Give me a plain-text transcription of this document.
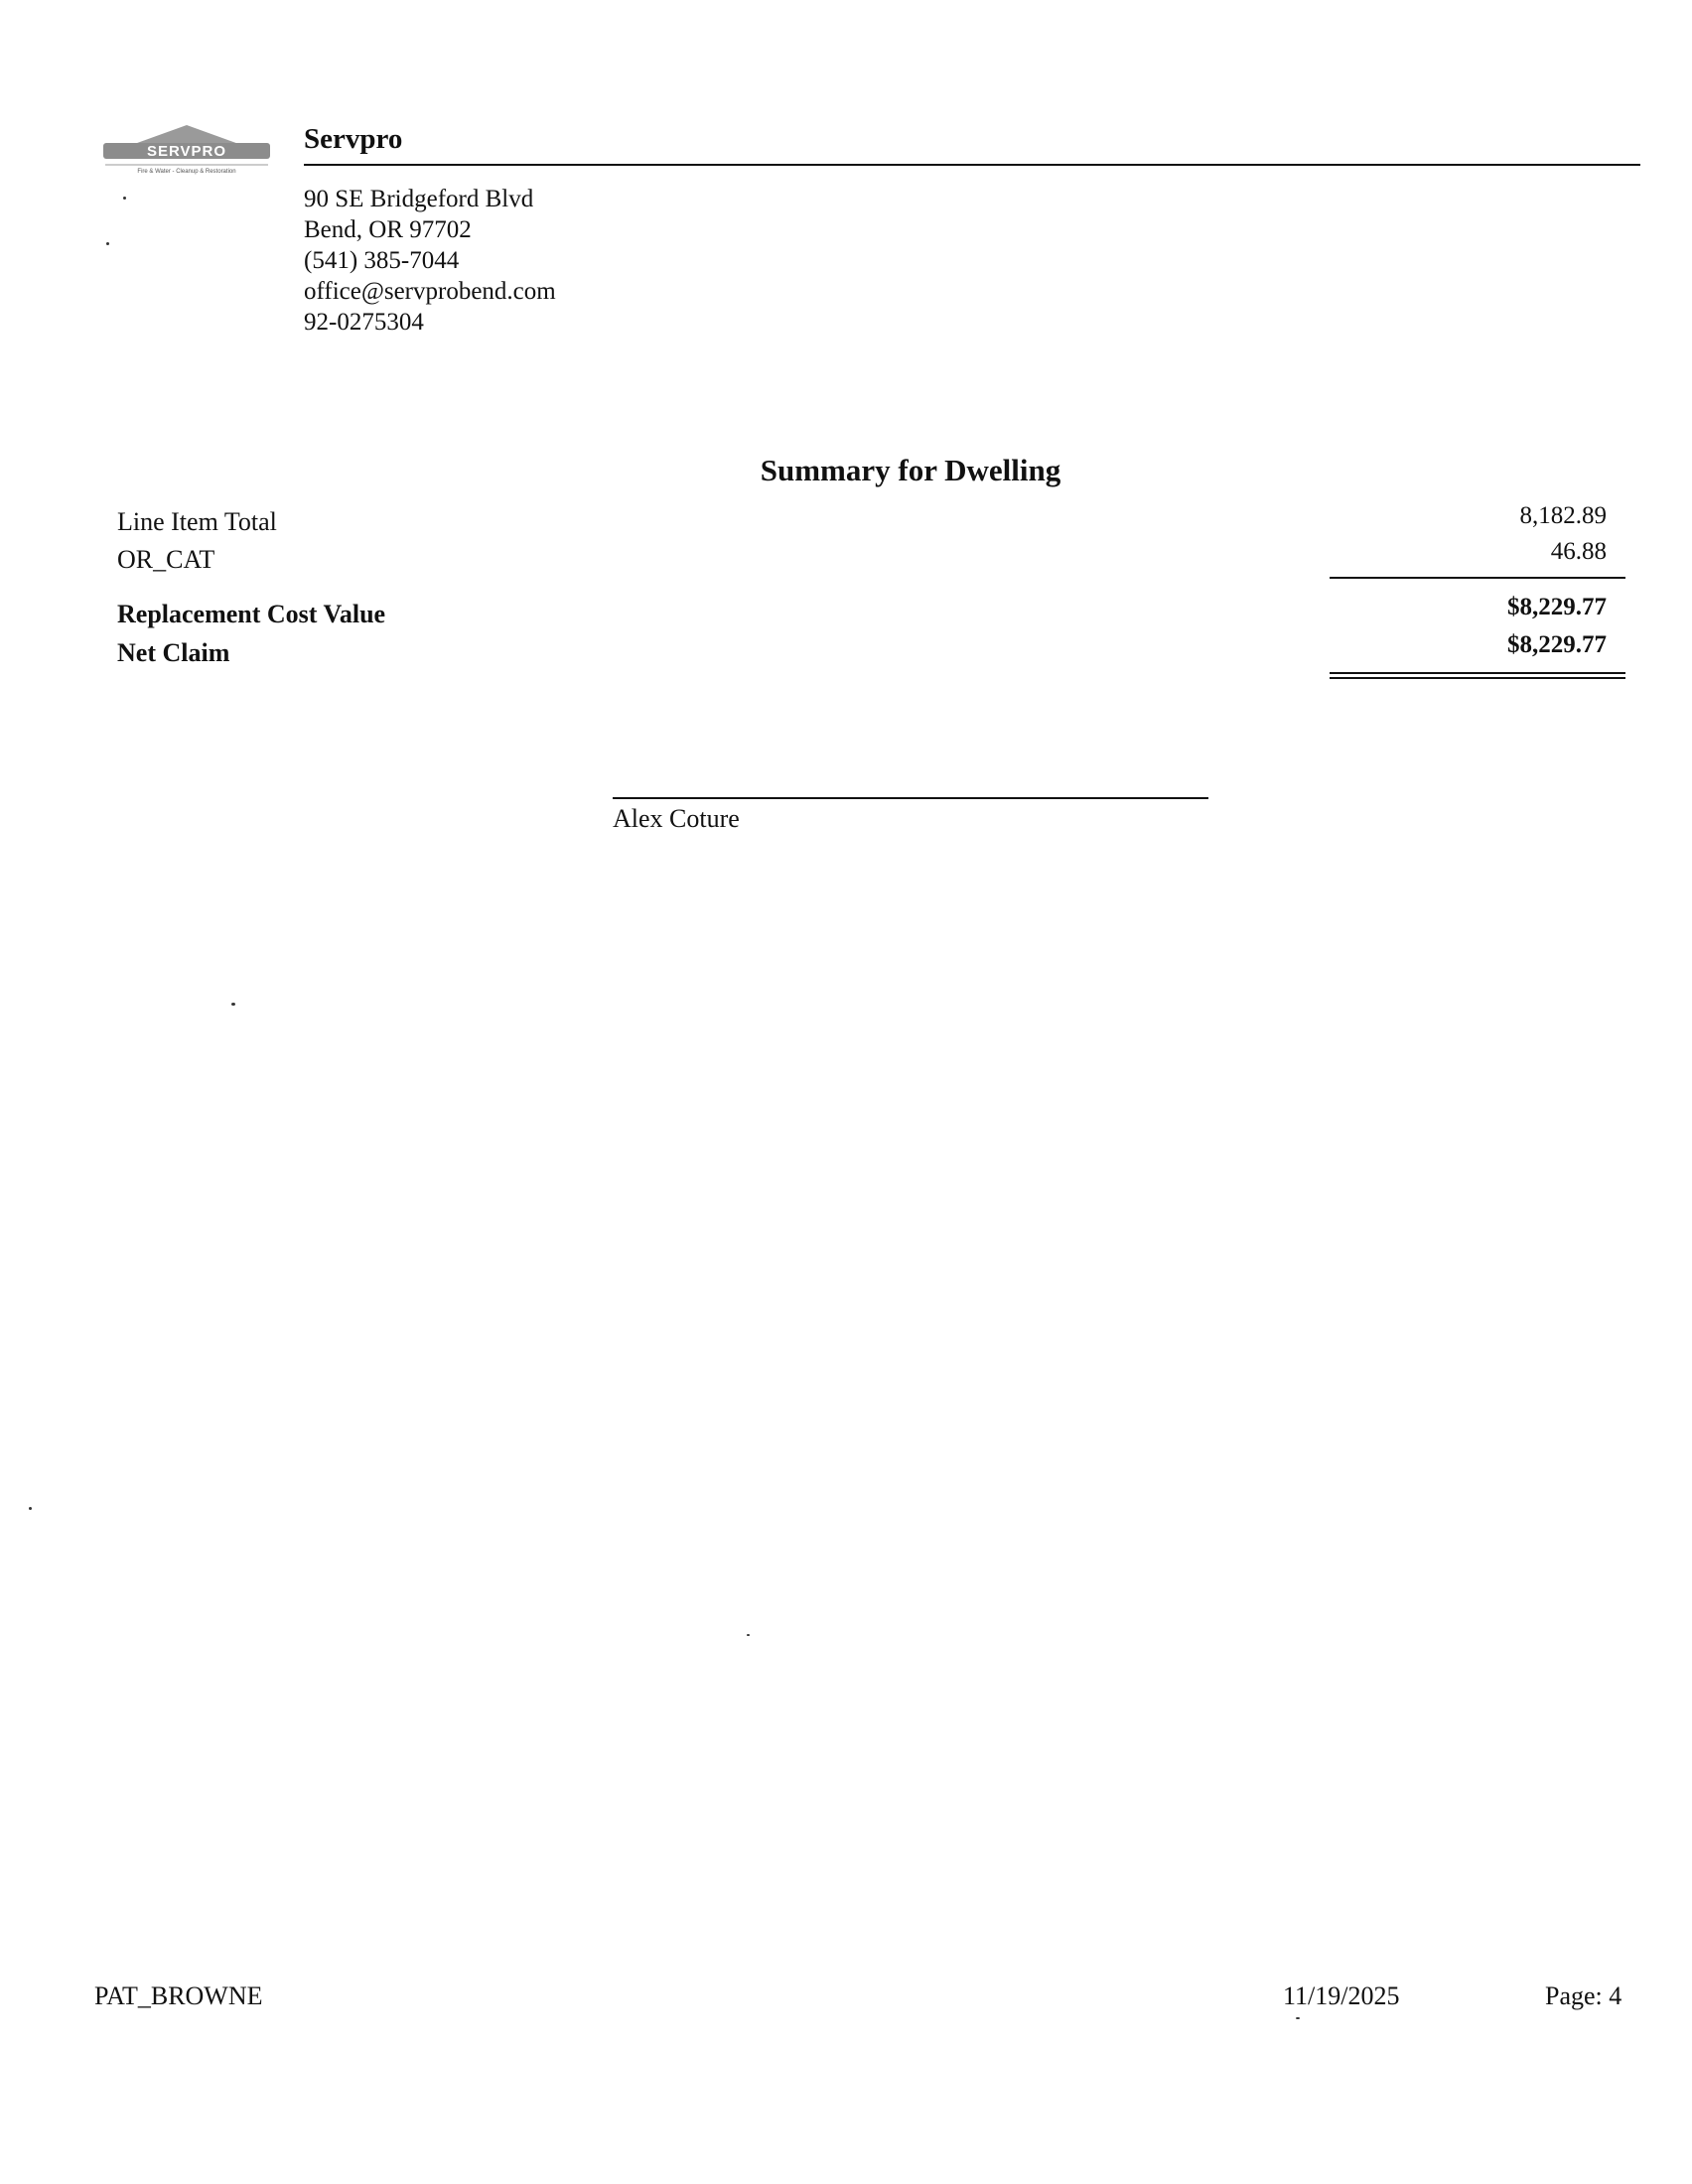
SERVPRO
Fire & Water - Cleanup & Restoration
Servpro
90 SE Bridgeford Blvd
Bend, OR 97702
(541) 385-7044
office@servprobend.com
92-0275304
Summary for Dwelling
Line Item Total	8,182.89
OR_CAT	46.88
Replacement Cost Value	$8,229.77
Net Claim	$8,229.77
Alex Coture
PAT_BROWNE	11/19/2025	Page: 4
